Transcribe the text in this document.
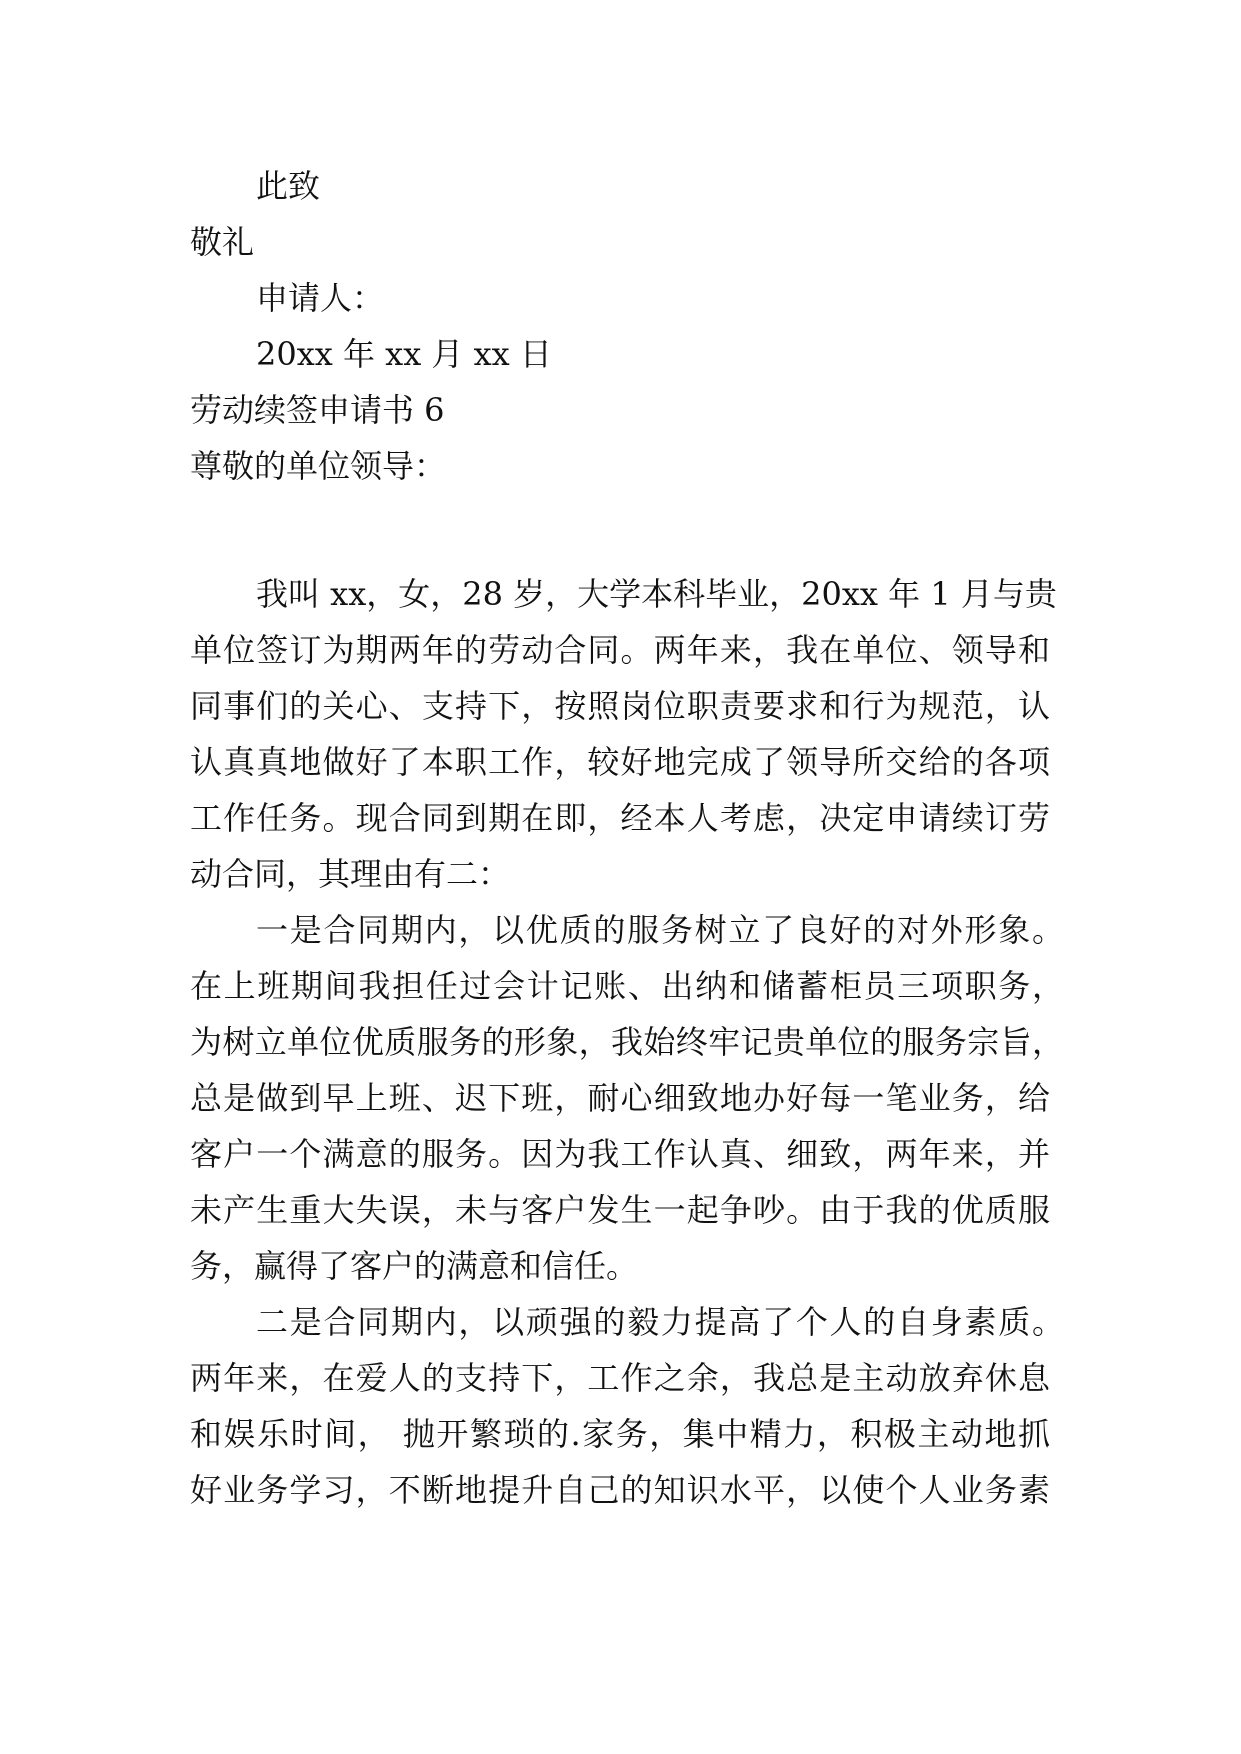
此致
敬礼
申请人：
20xx 年 xx 月 xx 日
劳动续签申请书 6
尊敬的单位领导：
我叫 xx，女，28 岁，大学本科毕业，20xx 年 1 月与贵
单位签订为期两年的劳动合同。两年来，我在单位、领导和
同事们的关心、支持下，按照岗位职责要求和行为规范，认
认真真地做好了本职工作，较好地完成了领导所交给的各项
工作任务。现合同到期在即，经本人考虑，决定申请续订劳
动合同，其理由有二：
一是合同期内，以优质的服务树立了良好的对外形象。
在上班期间我担任过会计记账、出纳和储蓄柜员三项职务，
为树立单位优质服务的形象，我始终牢记贵单位的服务宗旨，
总是做到早上班、迟下班，耐心细致地办好每一笔业务，给
客户一个满意的服务。因为我工作认真、细致，两年来，并
未产生重大失误，未与客户发生一起争吵。由于我的优质服
务，赢得了客户的满意和信任。
二是合同期内，以顽强的毅力提高了个人的自身素质。
两年来，在爱人的支持下，工作之余，我总是主动放弃休息
和娱乐时间， 抛开繁琐的.家务，集中精力，积极主动地抓
好业务学习，不断地提升自己的知识水平，以使个人业务素
